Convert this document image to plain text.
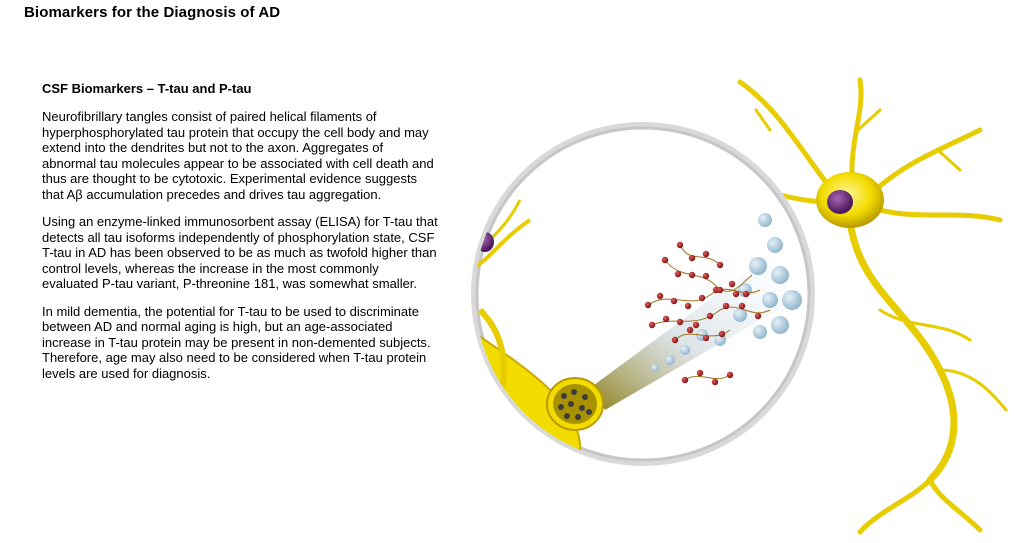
Biomarkers for the Diagnosis of AD
CSF Biomarkers – T-tau and P-tau

Neurofibrillary tangles consist of paired helical filaments of hyperphosphorylated tau protein that occupy the cell body and may extend into the dendrites but not to the axon. Aggregates of abnormal tau molecules appear to be associated with cell death and thus are thought to be cytotoxic. Experimental evidence suggests that Aβ accumulation precedes and drives tau aggregation.

Using an enzyme-linked immunosorbent assay (ELISA) for T-tau that detects all tau isoforms independently of phosphorylation state, CSF T-tau in AD has been observed to be as much as twofold higher than control levels, whereas the increase in the most commonly evaluated P-tau variant, P-threonine 181, was somewhat smaller.

In mild dementia, the potential for T-tau to be used to discriminate between AD and normal aging is high, but an age-associated increase in T-tau protein may be present in non-demented subjects. Therefore, age may also need to be considered when T-tau protein levels are used for diagnosis.
